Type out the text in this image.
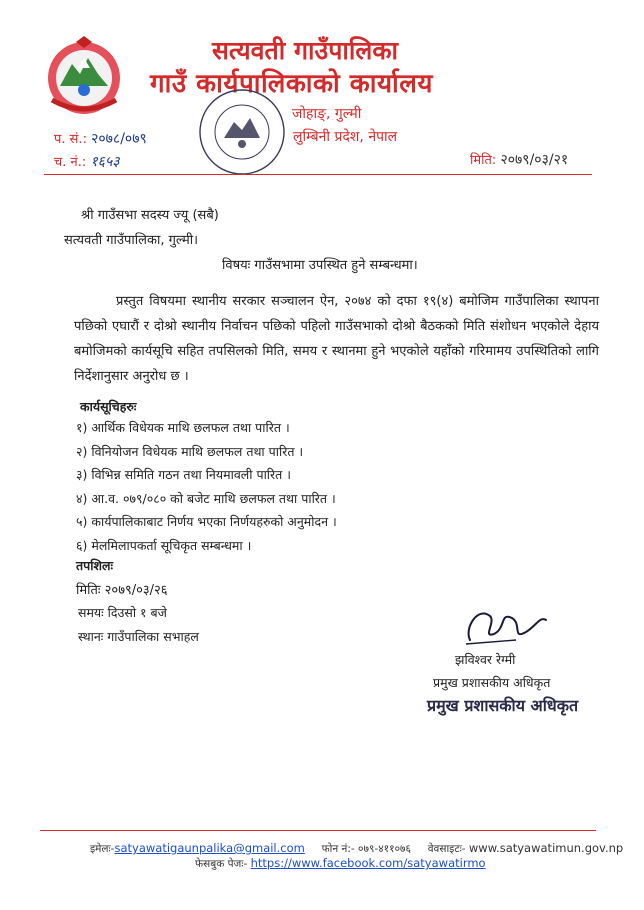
सत्यवती गाउँपालिका
गाउँ कार्यपालिकाको कार्यालय
जोहाङ्, गुल्मी
लुम्बिनी प्रदेश, नेपाल
प. सं.: २०७८/०७९
च. नं.: १६५३	मिति: २०७९/०३/२१
श्री गाउँसभा सदस्य ज्यू (सबै)
सत्यवती गाउँपालिका, गुल्मी।
विषयः गाउँसभामा उपस्थित हुने सम्बन्धमा।
प्रस्तुत विषयमा स्थानीय सरकार सञ्चालन ऐन, २०७४ को दफा १९(४) बमोजिम गाउँपालिका स्थापना पछिको एघारौं र दोश्रो स्थानीय निर्वाचन पछिको पहिलो गाउँसभाको दोश्रो बैठकको मिति संशोधन भएकोले देहाय बमोजिमको कार्यसूचि सहित तपसिलको मिति, समय र स्थानमा हुने भएकोले यहाँको गरिमामय उपस्थितिको लागि निर्देशानुसार अनुरोध छ ।
कार्यसूचिहरुः
१) आर्थिक विधेयक माथि छलफल तथा पारित ।
२) विनियोजन विधेयक माथि छलफल तथा पारित ।
३) विभिन्न समिति गठन तथा नियमावली पारित ।
४) आ.व. ०७९/०८० को बजेट माथि छलफल तथा पारित ।
५) कार्यपालिकाबाट निर्णय भएका निर्णयहरुको अनुमोदन ।
६) मेलमिलापकर्ता सूचिकृत सम्बन्धमा ।
तपशिलः
मितिः २०७९/०३/२६
समयः दिउसो १ बजे
स्थानः गाउँपालिका सभाहल
झविश्वर रेग्मी
प्रमुख प्रशासकीय अधिकृत
प्रमुख प्रशासकीय अधिकृत
इमेलः-satyawatigaunpalika@gmail.com फोन नं:- ०७९-४११०७६ वेवसाइटः- www.satyawatimun.gov.np
फेसबुक पेजः- https://www.facebook.com/satyawatirmo
